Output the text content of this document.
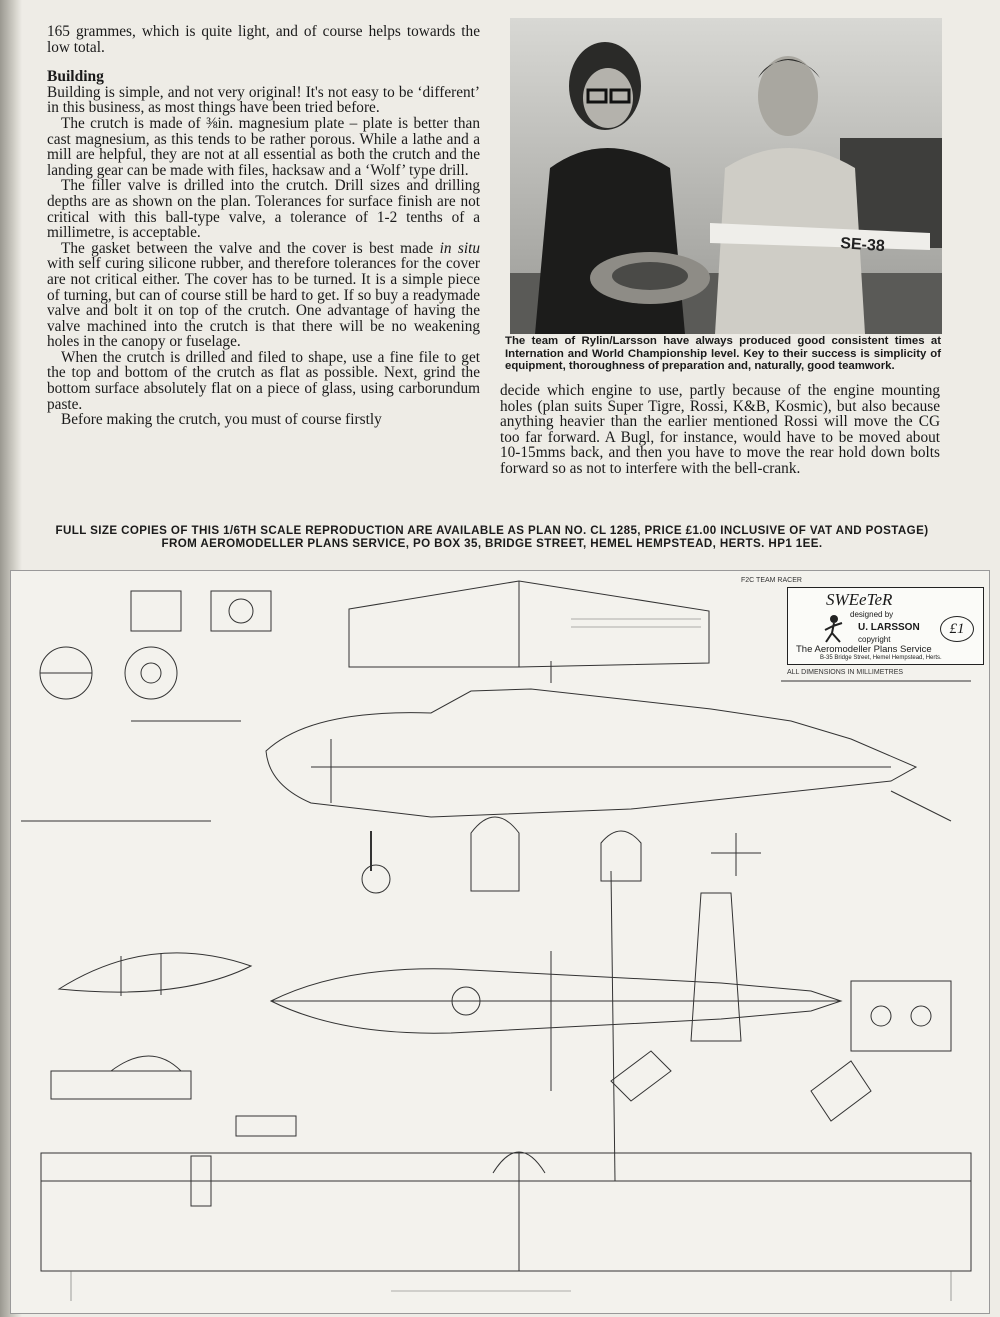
165 grammes, which is quite light, and of course helps towards the low total.

Building

Building is simple, and not very original! It's not easy to be ‘different’ in this business, as most things have been tried before.

The crutch is made of ⅜in. magnesium plate – plate is better than cast magnesium, as this tends to be rather porous. While a lathe and a mill are helpful, they are not at all essential as both the crutch and the landing gear can be made with files, hacksaw and a ‘Wolf’ type drill.

The filler valve is drilled into the crutch. Drill sizes and drilling depths are as shown on the plan. Tolerances for surface finish are not critical with this ball-type valve, a tolerance of 1-2 tenths of a millimetre, is acceptable.

The gasket between the valve and the cover is best made in situ with self curing silicone rubber, and therefore tolerances for the cover are not critical either. The cover has to be turned. It is a simple piece of turning, but can of course still be hard to get. If so buy a readymade valve and bolt it on top of the crutch. One advantage of having the valve machined into the crutch is that there will be no weakening holes in the canopy or fuselage.

When the crutch is drilled and filed to shape, use a fine file to get the top and bottom of the crutch as flat as possible. Next, grind the bottom surface absolutely flat on a piece of glass, using carborundum paste.

Before making the crutch, you must of course firstly

SE-38
The team of Rylin/Larsson have always produced good consistent times at Internation and World Championship level. Key to their success is simplicity of equipment, thoroughness of preparation and, naturally, good teamwork.

decide which engine to use, partly because of the engine mounting holes (plan suits Super Tigre, Rossi, K&B, Kosmic), but also because anything heavier than the earlier mentioned Rossi will move the CG too far forward. A Bugl, for instance, would have to be moved about 10-15mms back, and then you have to move the rear hold down bolts forward so as not to interfere with the bell-crank.

FULL SIZE COPIES OF THIS 1/6TH SCALE REPRODUCTION ARE AVAILABLE AS PLAN NO. CL 1285, PRICE £1.00 INCLUSIVE OF VAT AND POSTAGE) FROM AEROMODELLER PLANS SERVICE, PO BOX 35, BRIDGE STREET, HEMEL HEMPSTEAD, HERTS. HP1 1EE.
SWEeTeR
designed by
U. LARSSON
copyright
£1
The Aeromodeller Plans Service
B-35 Bridge Street, Hemel Hempstead, Herts.
F2C TEAM RACER
ALL DIMENSIONS IN MILLIMETRES
